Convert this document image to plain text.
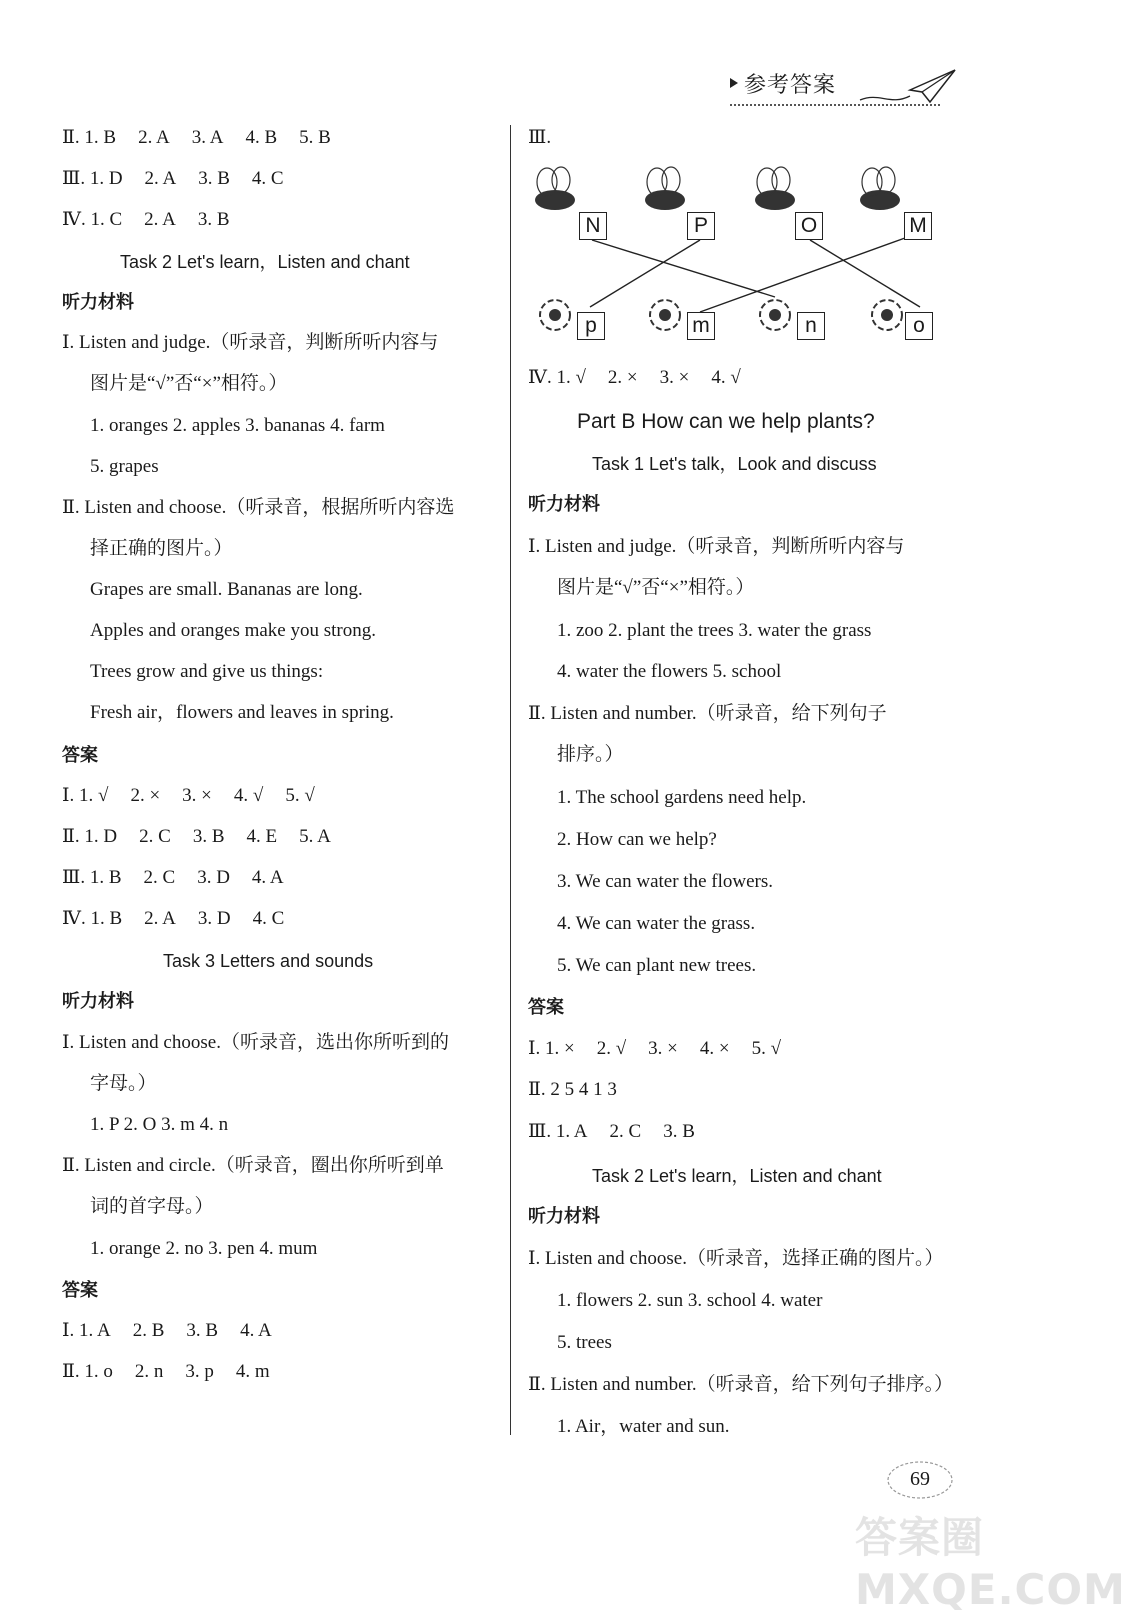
参考答案
Ⅱ. 1. B 2. A 3. A 4. B 5. B
Ⅲ. 1. D 2. A 3. B 4. C
Ⅳ. 1. C 2. A 3. B
Task 2 Let's learn，Listen and chant
听力材料
Ⅰ. Listen and judge.（听录音，判断所听内容与
图片是“√”否“×”相符。）
1. oranges 2. apples 3. bananas 4. farm
5. grapes
Ⅱ. Listen and choose.（听录音，根据所听内容选
择正确的图片。）
Grapes are small. Bananas are long.
Apples and oranges make you strong.
Trees grow and give us things:
Fresh air，flowers and leaves in spring.
答案
Ⅰ. 1. √ 2. × 3. × 4. √ 5. √
Ⅱ. 1. D 2. C 3. B 4. E 5. A
Ⅲ. 1. B 2. C 3. D 4. A
Ⅳ. 1. B 2. A 3. D 4. C
Task 3 Letters and sounds
听力材料
Ⅰ. Listen and choose.（听录音，选出你所听到的
字母。）
1. P 2. O 3. m 4. n
Ⅱ. Listen and circle.（听录音，圈出你所听到单
词的首字母。）
1. orange 2. no 3. pen 4. mum
答案
Ⅰ. 1. A 2. B 3. B 4. A
Ⅱ. 1. o 2. n 3. p 4. m
Ⅲ.
N	P	O	M
p	m	n	o
Ⅳ. 1. √ 2. × 3. × 4. √
Part B How can we help plants?
Task 1 Let's talk，Look and discuss
听力材料
Ⅰ. Listen and judge.（听录音，判断所听内容与
图片是“√”否“×”相符。）
1. zoo 2. plant the trees 3. water the grass
4. water the flowers 5. school
Ⅱ. Listen and number.（听录音，给下列句子
排序。）
1. The school gardens need help.
2. How can we help?
3. We can water the flowers.
4. We can water the grass.
5. We can plant new trees.
答案
Ⅰ. 1. × 2. √ 3. × 4. × 5. √
Ⅱ. 2 5 4 1 3
Ⅲ. 1. A 2. C 3. B
Task 2 Let's learn，Listen and chant
听力材料
Ⅰ. Listen and choose.（听录音，选择正确的图片。）
1. flowers 2. sun 3. school 4. water
5. trees
Ⅱ. Listen and number.（听录音，给下列句子排序。）
1. Air，water and sun.
69
答案圈 MXQE.COM
